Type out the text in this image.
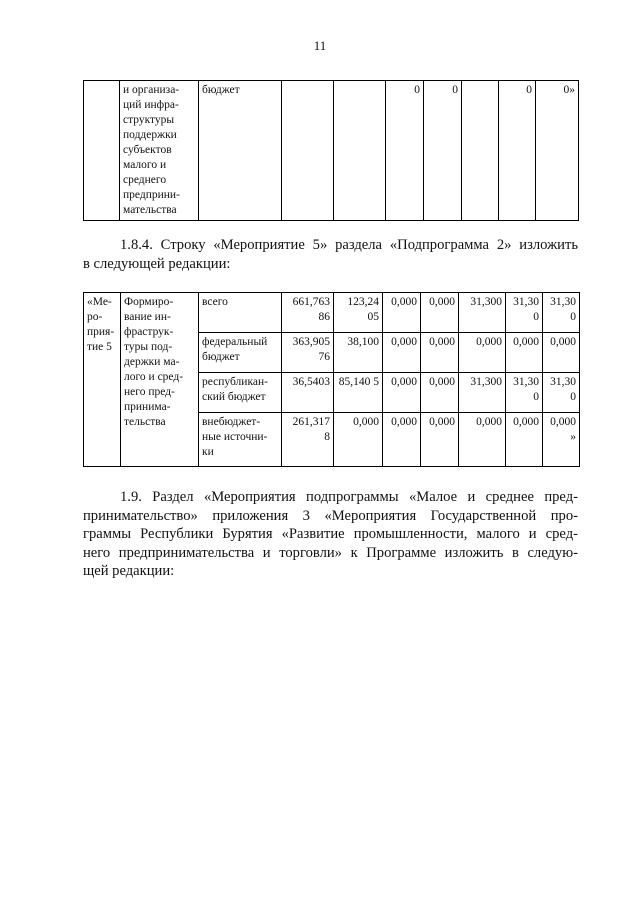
11
	и организа-ций инфра-структуры поддержки субъектов малого и среднего предприни-мательства	бюджет			0	0		0	0»
1.8.4. Строку «Мероприятие 5» раздела «Подпрограмма 2» изложить
в следующей редакции:
«Ме-ро-прия-тие 5	Формиро-вание ин-фраструк-туры под-держки ма-лого и сред-него пред-принима-тельства	всего	661,763 86	123,24 05	0,000	0,000	31,300	31,30 0	31,30 0
		федеральный бюджет	363,905 76	38,100	0,000	0,000	0,000	0,000	0,000
		республикан-ский бюджет	36,5403	85,140 5	0,000	0,000	31,300	31,30 0	31,30 0
		внебюджет-ные источни-ки	261,317 8	0,000	0,000	0,000	0,000	0,000	0,000»
1.9. Раздел «Мероприятия подпрограммы «Малое и среднее пред-
принимательство» приложения 3 «Мероприятия Государственной про-
граммы Республики Бурятия «Развитие промышленности, малого и сред-
него предпринимательства и торговли» к Программе изложить в следую-
щей редакции:
